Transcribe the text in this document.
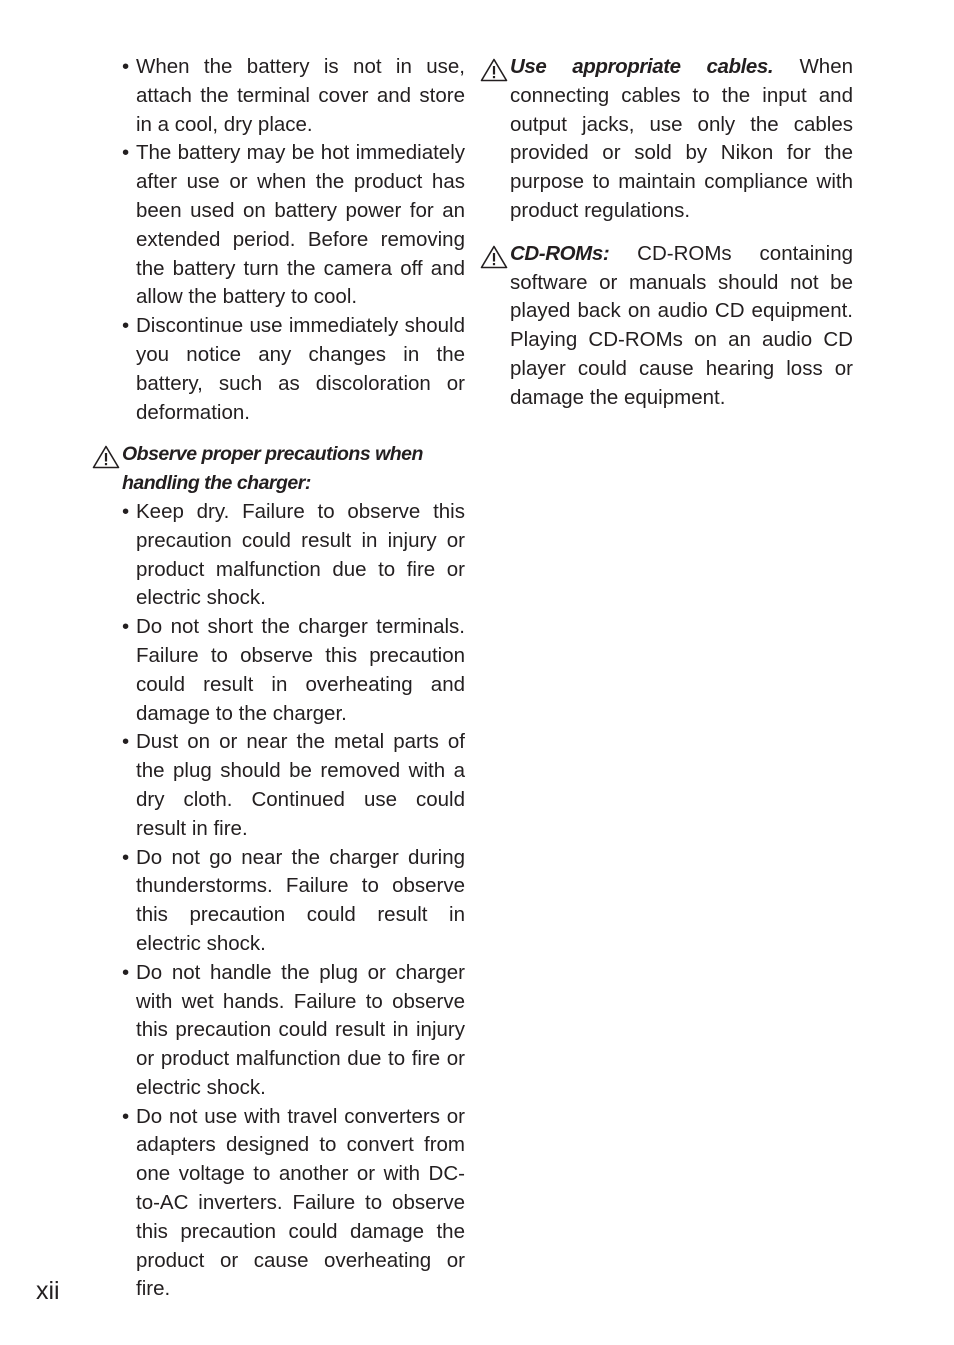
• When the battery is not in use, attach the terminal cover and store in a cool, dry place.
• The battery may be hot immediately after use or when the product has been used on battery power for an extended period. Before removing the battery turn the camera off and allow the battery to cool.
• Discontinue use immediately should you notice any changes in the battery, such as discoloration or deformation.
Observe proper precautions when handling the charger:
• Keep dry. Failure to observe this precaution could result in injury or product malfunction due to fire or electric shock.
• Do not short the charger terminals. Failure to observe this precaution could result in overheating and damage to the charger.
• Dust on or near the metal parts of the plug should be removed with a dry cloth. Continued use could result in fire.
• Do not go near the charger during thunderstorms. Failure to observe this precaution could result in electric shock.
• Do not handle the plug or charger with wet hands. Failure to observe this precaution could result in injury or product malfunction due to fire or electric shock.
• Do not use with travel converters or adapters designed to convert from one voltage to another or with DC-to-AC inverters. Failure to observe this precaution could damage the product or cause overheating or fire.
Use appropriate cables. When connecting cables to the input and output jacks, use only the cables provided or sold by Nikon for the purpose to maintain compliance with product regulations.
CD-ROMs: CD-ROMs containing software or manuals should not be played back on audio CD equipment. Playing CD-ROMs on an audio CD player could cause hearing loss or damage the equipment.
xii
